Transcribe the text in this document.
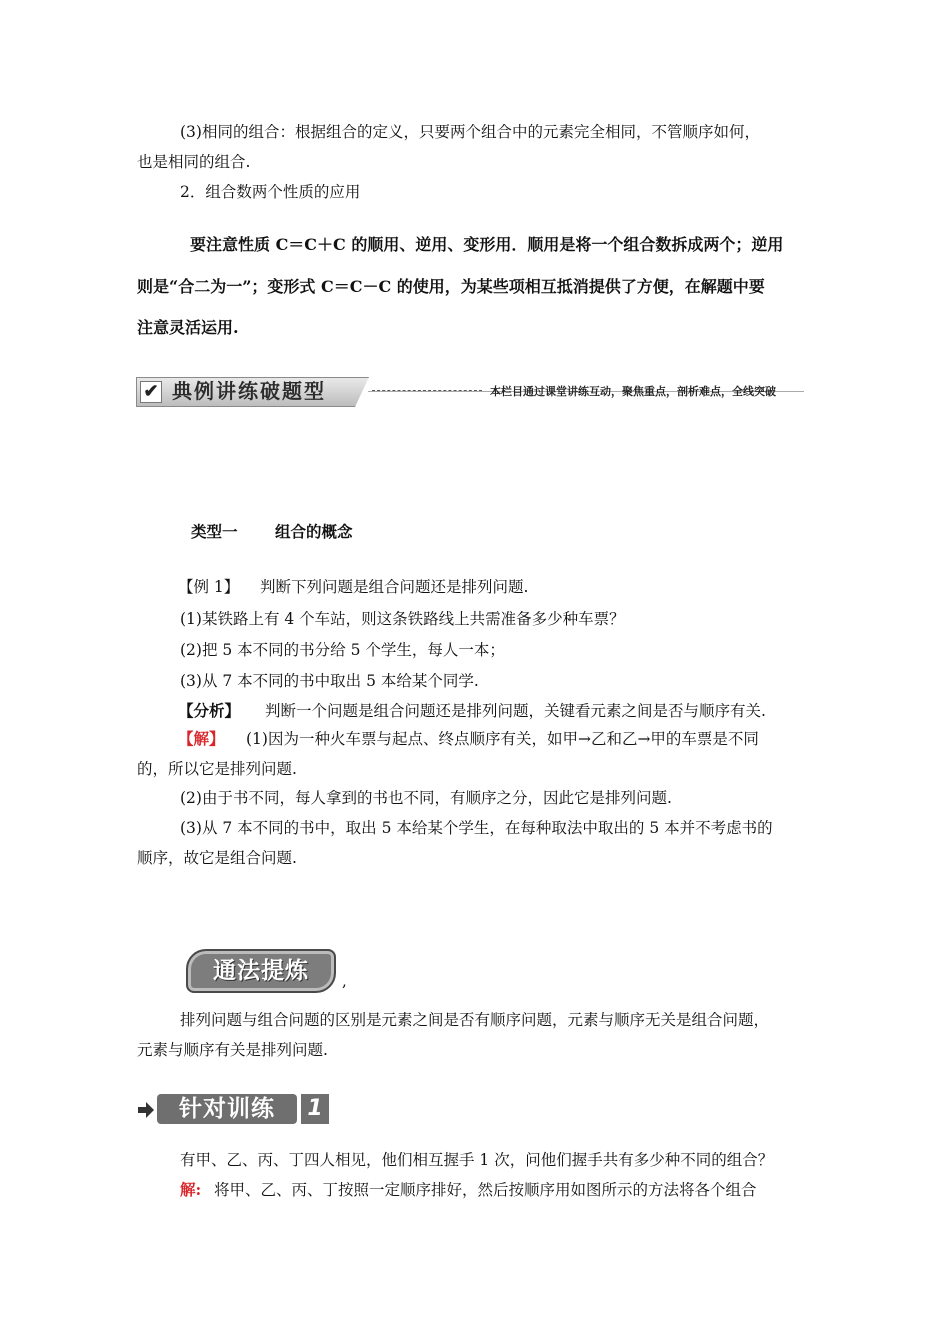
(3)相同的组合：根据组合的定义，只要两个组合中的元素完全相同，不管顺序如何，
也是相同的组合.
2．组合数两个性质的应用
要注意性质 C＝C＋C 的顺用、逆用、变形用．顺用是将一个组合数拆成两个；逆用
则是“合二为一”；变形式 C＝C－C 的使用，为某些项相互抵消提供了方便，在解题中要
注意灵活运用.
✔ 典例讲练破题型	本栏目通过课堂讲练互动，聚焦重点，剖析难点，全线突破
类型一 组合的概念
【例 1】 判断下列问题是组合问题还是排列问题.
(1)某铁路上有 4 个车站，则这条铁路线上共需准备多少种车票？
(2)把 5 本不同的书分给 5 个学生，每人一本；
(3)从 7 本不同的书中取出 5 本给某个同学.
【分析】 判断一个问题是组合问题还是排列问题，关键看元素之间是否与顺序有关.
【解】 (1)因为一种火车票与起点、终点顺序有关，如甲→乙和乙→甲的车票是不同
的，所以它是排列问题.
(2)由于书不同，每人拿到的书也不同，有顺序之分，因此它是排列问题.
(3)从 7 本不同的书中，取出 5 本给某个学生，在每种取法中取出的 5 本并不考虑书的
顺序，故它是组合问题.
通法提炼	,
排列问题与组合问题的区别是元素之间是否有顺序问题，元素与顺序无关是组合问题，
元素与顺序有关是排列问题.
针对训练	1
有甲、乙、丙、丁四人相见，他们相互握手 1 次，问他们握手共有多少种不同的组合？
解: 将甲、乙、丙、丁按照一定顺序排好，然后按顺序用如图所示的方法将各个组合
